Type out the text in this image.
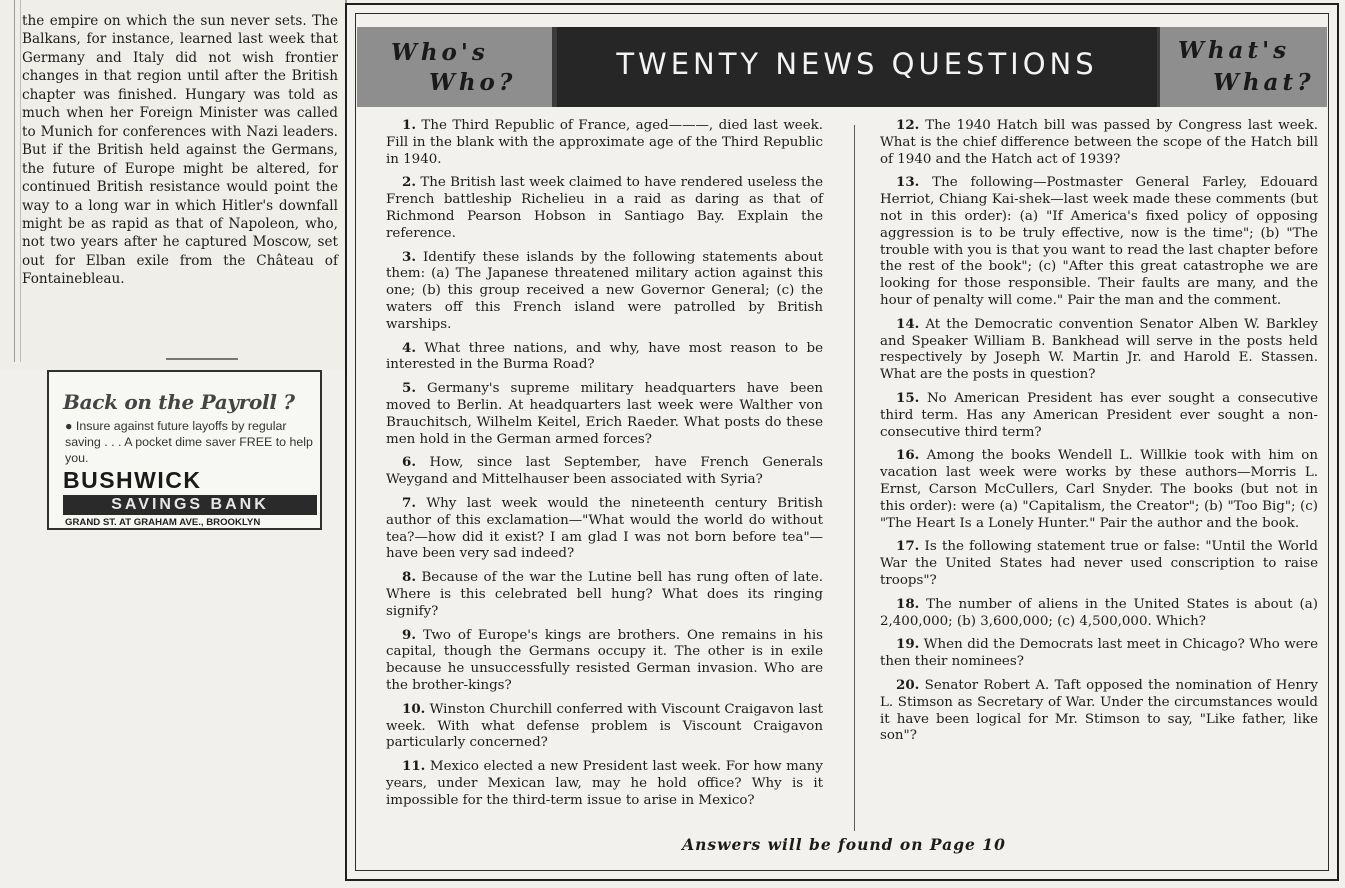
the empire on which the sun never sets. The Balkans, for instance, learned last week that Germany and Italy did not wish frontier changes in that region until after the British chapter was finished. Hungary was told as much when her Foreign Minister was called to Munich for conferences with Nazi leaders. But if the British held against the Germans, the future of Europe might be altered, for continued British resistance would point the way to a long war in which Hitler's downfall might be as rapid as that of Napoleon, who, not two years after he captured Moscow, set out for Elban exile from the Château of Fontainebleau.

Back on the Payroll ?
● Insure against future layoffs by regular saving . . . A pocket dime saver FREE to help you.
BUSHWICK
SAVINGS BANK
GRAND ST. AT GRAHAM AVE., BROOKLYN
Who's
Who?
TWENTY NEWS QUESTIONS	What's
What?

1. The Third Republic of France, aged———, died last week. Fill in the blank with the approximate age of the Third Republic in 1940.

2. The British last week claimed to have rendered useless the French battleship Richelieu in a raid as daring as that of Richmond Pearson Hobson in Santiago Bay. Explain the reference.

3. Identify these islands by the following statements about them: (a) The Japanese threatened military action against this one; (b) this group received a new Governor General; (c) the waters off this French island were patrolled by British warships.

4. What three nations, and why, have most reason to be interested in the Burma Road?

5. Germany's supreme military headquarters have been moved to Berlin. At headquarters last week were Walther von Brauchitsch, Wilhelm Keitel, Erich Raeder. What posts do these men hold in the German armed forces?

6. How, since last September, have French Generals Weygand and Mittelhauser been associated with Syria?

7. Why last week would the nineteenth century British author of this exclamation—"What would the world do without tea?—how did it exist? I am glad I was not born before tea"—have been very sad indeed?

8. Because of the war the Lutine bell has rung often of late. Where is this celebrated bell hung? What does its ringing signify?

9. Two of Europe's kings are brothers. One remains in his capital, though the Germans occupy it. The other is in exile because he unsuccessfully resisted German invasion. Who are the brother-kings?

10. Winston Churchill conferred with Viscount Craigavon last week. With what defense problem is Viscount Craigavon particularly concerned?

11. Mexico elected a new President last week. For how many years, under Mexican law, may he hold office? Why is it impossible for the third-term issue to arise in Mexico?

12. The 1940 Hatch bill was passed by Congress last week. What is the chief difference between the scope of the Hatch bill of 1940 and the Hatch act of 1939?

13. The following—Postmaster General Farley, Edouard Herriot, Chiang Kai-shek—last week made these comments (but not in this order): (a) "If America's fixed policy of opposing aggression is to be truly effective, now is the time"; (b) "The trouble with you is that you want to read the last chapter before the rest of the book"; (c) "After this great catastrophe we are looking for those responsible. Their faults are many, and the hour of penalty will come." Pair the man and the comment.

14. At the Democratic convention Senator Alben W. Barkley and Speaker William B. Bankhead will serve in the posts held respectively by Joseph W. Martin Jr. and Harold E. Stassen. What are the posts in question?

15. No American President has ever sought a consecutive third term. Has any American President ever sought a non-consecutive third term?

16. Among the books Wendell L. Willkie took with him on vacation last week were works by these authors—Morris L. Ernst, Carson McCullers, Carl Snyder. The books (but not in this order): were (a) "Capitalism, the Creator"; (b) "Too Big"; (c) "The Heart Is a Lonely Hunter." Pair the author and the book.

17. Is the following statement true or false: "Until the World War the United States had never used conscription to raise troops"?

18. The number of aliens in the United States is about (a) 2,400,000; (b) 3,600,000; (c) 4,500,000. Which?

19. When did the Democrats last meet in Chicago? Who were then their nominees?

20. Senator Robert A. Taft opposed the nomination of Henry L. Stimson as Secretary of War. Under the circumstances would it have been logical for Mr. Stimson to say, "Like father, like son"?

Answers will be found on Page 10
